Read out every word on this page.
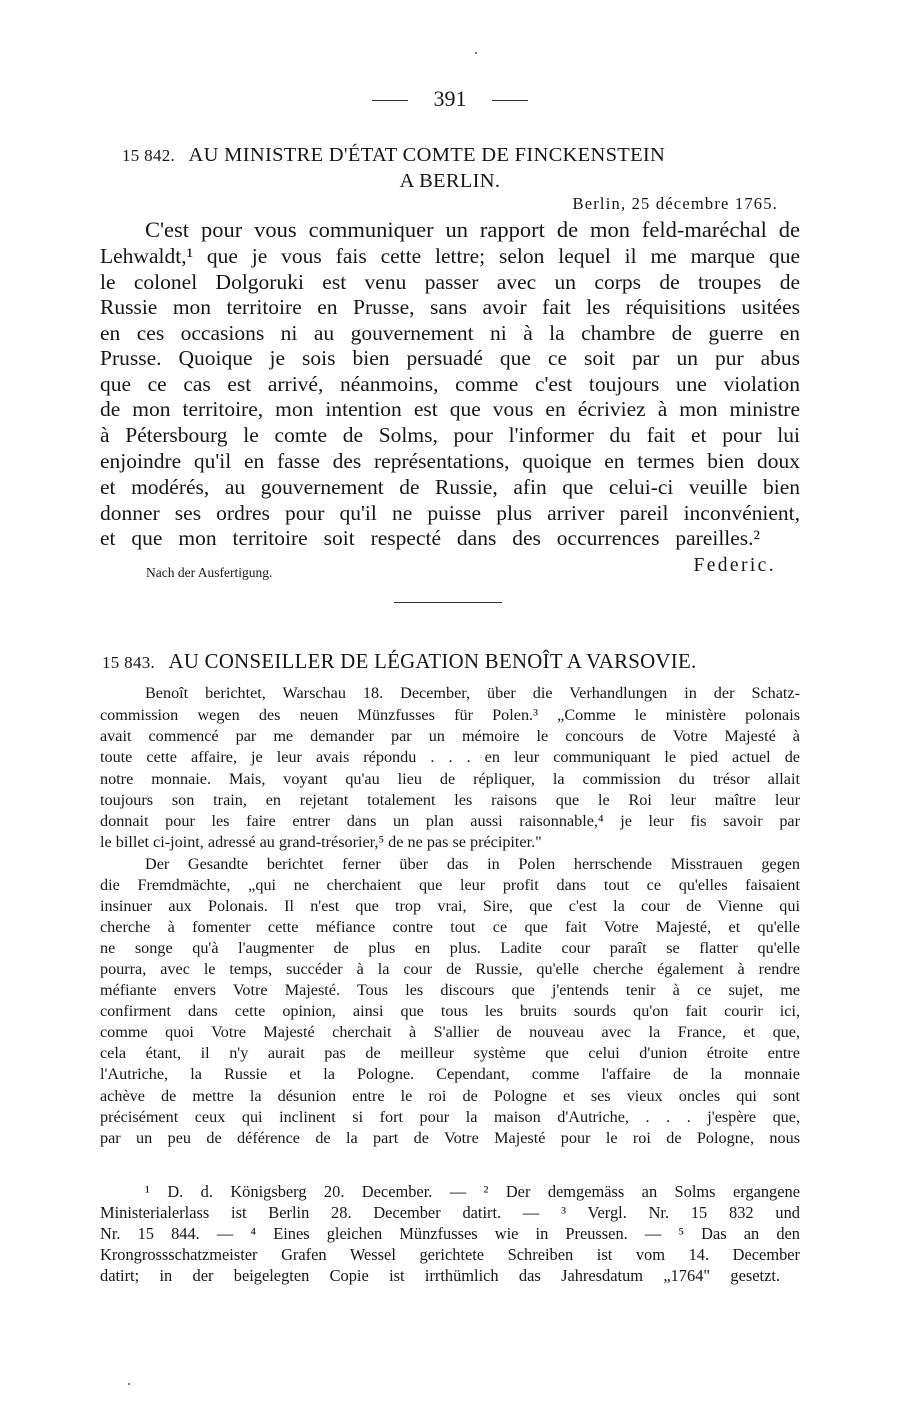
391
15 842. AU MINISTRE D'ÉTAT COMTE DE FINCKENSTEIN
A BERLIN.
Berlin, 25 décembre 1765.
C'est pour vous communiquer un rapport de mon feld-maréchal de
Lehwaldt,¹ que je vous fais cette lettre; selon lequel il me marque que
le colonel Dolgoruki est venu passer avec un corps de troupes de
Russie mon territoire en Prusse, sans avoir fait les réquisitions usitées
en ces occasions ni au gouvernement ni à la chambre de guerre en
Prusse. Quoique je sois bien persuadé que ce soit par un pur abus
que ce cas est arrivé, néanmoins, comme c'est toujours une violation
de mon territoire, mon intention est que vous en écriviez à mon ministre
à Pétersbourg le comte de Solms, pour l'informer du fait et pour lui
enjoindre qu'il en fasse des représentations, quoique en termes bien doux
et modérés, au gouvernement de Russie, afin que celui-ci veuille bien
donner ses ordres pour qu'il ne puisse plus arriver pareil inconvénient,
et que mon territoire soit respecté dans des occurrences pareilles.²
Nach der Ausfertigung.	Federic.
15 843. AU CONSEILLER DE LÉGATION BENOÎT A VARSOVIE.
Benoît berichtet, Warschau 18. December, über die Verhandlungen in der Schatz-
commission wegen des neuen Münzfusses für Polen.³ „Comme le ministère polonais
avait commencé par me demander par un mémoire le concours de Votre Majesté à
toute cette affaire, je leur avais répondu . . . en leur communiquant le pied actuel de
notre monnaie. Mais, voyant qu'au lieu de répliquer, la commission du trésor allait
toujours son train, en rejetant totalement les raisons que le Roi leur maître leur
donnait pour les faire entrer dans un plan aussi raisonnable,⁴ je leur fis savoir par
le billet ci-joint, adressé au grand-trésorier,⁵ de ne pas se précipiter."
Der Gesandte berichtet ferner über das in Polen herrschende Misstrauen gegen
die Fremdmächte, „qui ne cherchaient que leur profit dans tout ce qu'elles faisaient
insinuer aux Polonais. Il n'est que trop vrai, Sire, que c'est la cour de Vienne qui
cherche à fomenter cette méfiance contre tout ce que fait Votre Majesté, et qu'elle
ne songe qu'à l'augmenter de plus en plus. Ladite cour paraît se flatter qu'elle
pourra, avec le temps, succéder à la cour de Russie, qu'elle cherche également à rendre
méfiante envers Votre Majesté. Tous les discours que j'entends tenir à ce sujet, me
confirment dans cette opinion, ainsi que tous les bruits sourds qu'on fait courir ici,
comme quoi Votre Majesté cherchait à S'allier de nouveau avec la France, et que,
cela étant, il n'y aurait pas de meilleur système que celui d'union étroite entre
l'Autriche, la Russie et la Pologne. Cependant, comme l'affaire de la monnaie
achève de mettre la désunion entre le roi de Pologne et ses vieux oncles qui sont
précisément ceux qui inclinent si fort pour la maison d'Autriche, . . . j'espère que,
par un peu de déférence de la part de Votre Majesté pour le roi de Pologne, nous
¹ D. d. Königsberg 20. December. — ² Der demgemäss an Solms ergangene
Ministerialerlass ist Berlin 28. December datirt. — ³ Vergl. Nr. 15 832 und
Nr. 15 844. — ⁴ Eines gleichen Münzfusses wie in Preussen. — ⁵ Das an den
Krongrossschatzmeister Grafen Wessel gerichtete Schreiben ist vom 14. December
datirt; in der beigelegten Copie ist irrthümlich das Jahresdatum „1764" gesetzt.
